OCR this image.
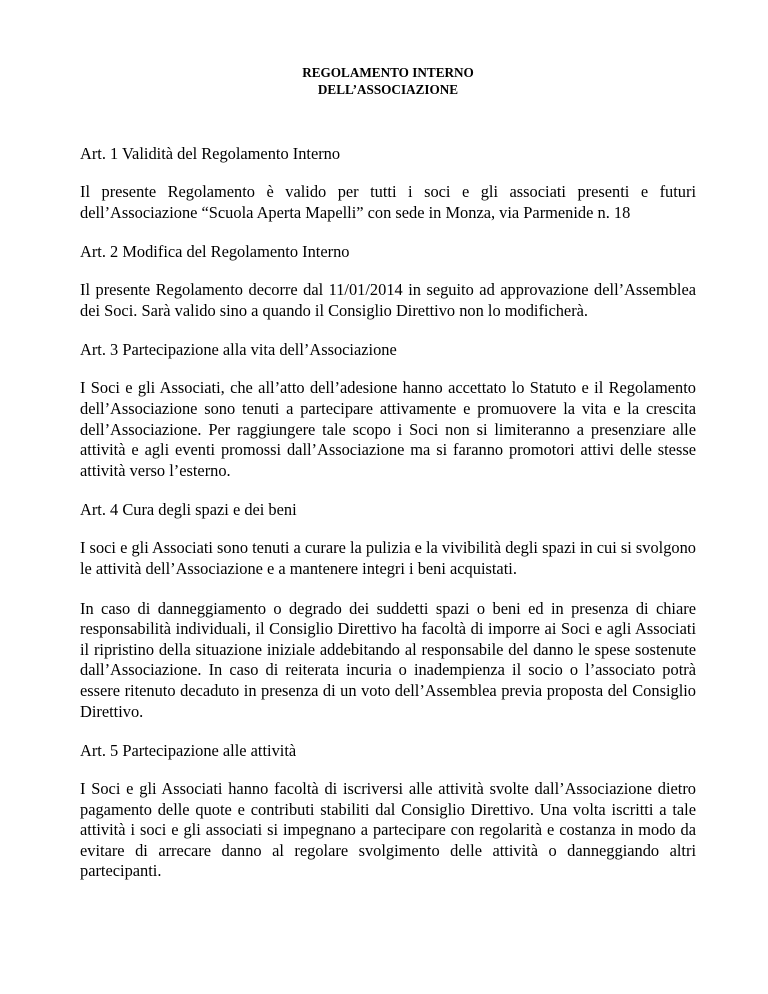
REGOLAMENTO INTERNO
DELL’ASSOCIAZIONE

Art. 1 Validità del Regolamento Interno

Il presente Regolamento è valido per tutti i soci e gli associati presenti e futuri dell’Associazione “Scuola Aperta Mapelli” con sede in Monza, via Parmenide n. 18

Art. 2 Modifica del Regolamento Interno

Il presente Regolamento decorre dal 11/01/2014 in seguito ad approvazione dell’Assemblea dei Soci. Sarà valido sino a quando il Consiglio Direttivo non lo modificherà.

Art. 3 Partecipazione alla vita dell’Associazione

I Soci e gli Associati, che all’atto dell’adesione hanno accettato lo Statuto e il Regolamento dell’Associazione sono tenuti a partecipare attivamente e promuovere la vita e la crescita dell’Associazione. Per raggiungere tale scopo i Soci non si limiteranno a presenziare alle attività e agli eventi promossi dall’Associazione ma si faranno promotori attivi delle stesse attività verso l’esterno.

Art. 4 Cura degli spazi e dei beni

I soci e gli Associati sono tenuti a curare la pulizia e la vivibilità degli spazi in cui si svolgono le attività dell’Associazione e a mantenere integri i beni acquistati.

In caso di danneggiamento o degrado dei suddetti spazi o beni ed in presenza di chiare responsabilità individuali, il Consiglio Direttivo ha facoltà di imporre ai Soci e agli Associati il ripristino della situazione iniziale addebitando al responsabile del danno le spese sostenute dall’Associazione. In caso di reiterata incuria o inadempienza il socio o l’associato potrà essere ritenuto decaduto in presenza di un voto dell’Assemblea previa proposta del Consiglio Direttivo.

Art. 5 Partecipazione alle attività

I Soci e gli Associati hanno facoltà di iscriversi alle attività svolte dall’Associazione dietro pagamento delle quote e contributi stabiliti dal Consiglio Direttivo. Una volta iscritti a tale attività i soci e gli associati si impegnano a partecipare con regolarità e costanza in modo da evitare di arrecare danno al regolare svolgimento delle attività o danneggiando altri partecipanti.
